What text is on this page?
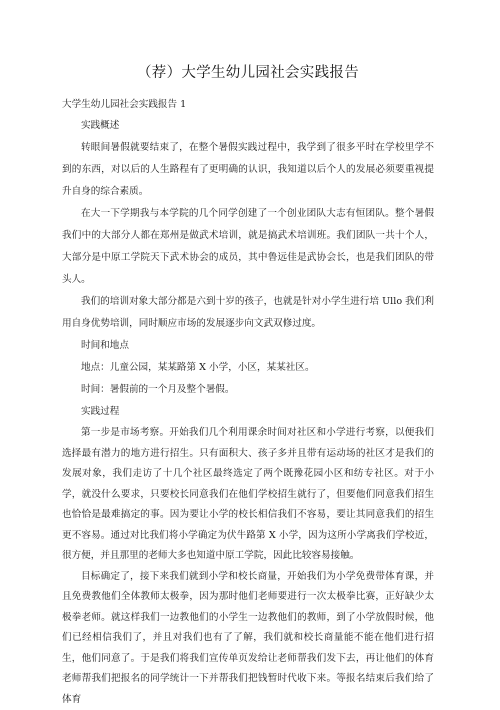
（荐）大学生幼儿园社会实践报告
大学生幼儿园社会实践报告 1

实践概述

转眼间暑假就要结束了，在整个暑假实践过程中，我学到了很多平时在学校里学不到的东西，对以后的人生路程有了更明确的认识，我知道以后个人的发展必须要重视提升自身的综合素质。

在大一下学期我与本学院的几个同学创建了一个创业团队大志有恒团队。整个暑假我们中的大部分人都在郑州是做武术培训，就是搞武术培训班。我们团队一共十个人，大部分是中原工学院天下武术协会的成员，其中鲁远佳是武协会长，也是我们团队的带头人。

我们的培训对象大部分都是六到十岁的孩子，也就是针对小学生进行培 Ullo 我们利用自身优势培训，同时顺应市场的发展逐步向文武双修过度。

时间和地点

地点：儿童公园，某某路第 X 小学，小区，某某社区。

时间：暑假前的一个月及整个暑假。

实践过程

第一步是市场考察。开始我们几个利用课余时间对社区和小学进行考察，以便我们选择最有潜力的地方进行招生。只有面积大、孩子多并且带有运动场的社区才是我们的发展对象，我们走访了十几个社区最终选定了两个既豫花园小区和纺专社区。对于小学，就没什么要求，只要校长同意我们在他们学校招生就行了，但要他们同意我们招生也恰恰是最难搞定的事。因为要让小学的校长相信我们不容易，要让其同意我们的招生更不容易。通过对比我们将小学确定为伏牛路第 X 小学，因为这所小学离我们学校近，很方便，并且那里的老师大多也知道中原工学院，因此比较容易接触。

目标确定了，接下来我们就到小学和校长商量，开始我们为小学免费带体育课，并且免费教他们全体教师太极拳，因为那时他们老师要进行一次太极拳比赛，正好缺少太极拳老师。就这样我们一边教他们的小学生一边教他们的教师，到了小学放假时候，他们已经相信我们了，并且对我们也有了了解，我们就和校长商量能不能在他们进行招生，他们同意了。于是我们将我们宣传单页发给让老师帮我们发下去，再让他们的体育老师帮我们把报名的同学统计一下并帮我们把钱暂时代收下来。等报名结束后我们给了体育
